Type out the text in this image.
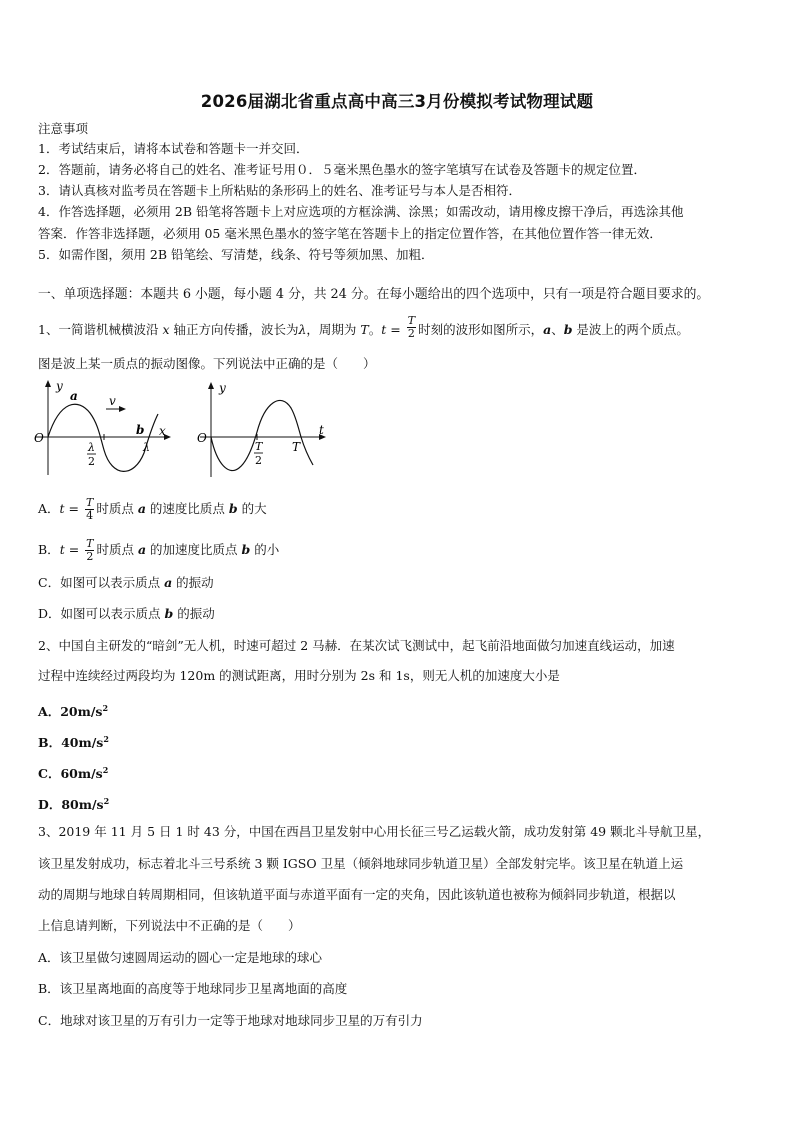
2026届湖北省重点高中高三3月份模拟考试物理试题
注意事项
1．考试结束后，请将本试卷和答题卡一并交回．
2．答题前，请务必将自己的姓名、准考证号用０．５毫米黑色墨水的签字笔填写在试卷及答题卡的规定位置．
3．请认真核对监考员在答题卡上所粘贴的条形码上的姓名、准考证号与本人是否相符．
4．作答选择题，必须用 2B 铅笔将答题卡上对应选项的方框涂满、涂黑；如需改动，请用橡皮擦干净后，再选涂其他
答案．作答非选择题，必须用 05 毫米黑色墨水的签字笔在答题卡上的指定位置作答，在其他位置作答一律无效．
5．如需作图，须用 2B 铅笔绘、写清楚，线条、符号等须加黑、加粗．
一、单项选择题：本题共 6 小题，每小题 4 分，共 24 分。在每小题给出的四个选项中，只有一项是符合题目要求的。
1、一简谐机械横波沿 x 轴正方向传播，波长为λ，周期为 T。$t = \frac{T}{2}$ 时刻的波形如图所示，a、b 是波上的两个质点。
图是波上某一质点的振动图像。下列说法中正确的是（　　）
y
O
a	v
b x
λ
2
λ
y
O
t
T
2
T
A．$t = \frac{T}{4}$ 时质点 a 的速度比质点 b 的大
B．$t = \frac{T}{2}$ 时质点 a 的加速度比质点 b 的小
C．如图可以表示质点 a 的振动
D．如图可以表示质点 b 的振动
2、中国自主研发的“暗剑”无人机，时速可超过 2 马赫．在某次试飞测试中，起飞前沿地面做匀加速直线运动，加速
过程中连续经过两段均为 120m 的测试距离，用时分别为 2s 和 1s，则无人机的加速度大小是
A．$20m/s^2$
B．$40m/s^2$
C．$60m/s^2$
D．$80m/s^2$
3、2019 年 11 月 5 日 1 时 43 分，中国在西昌卫星发射中心用长征三号乙运载火箭，成功发射第 49 颗北斗导航卫星，
该卫星发射成功，标志着北斗三号系统 3 颗 IGSO 卫星（倾斜地球同步轨道卫星）全部发射完毕。该卫星在轨道上运
动的周期与地球自转周期相同，但该轨道平面与赤道平面有一定的夹角，因此该轨道也被称为倾斜同步轨道，根据以
上信息请判断，下列说法中不正确的是（　　）
A．该卫星做匀速圆周运动的圆心一定是地球的球心
B．该卫星离地面的高度等于地球同步卫星离地面的高度
C．地球对该卫星的万有引力一定等于地球对地球同步卫星的万有引力
